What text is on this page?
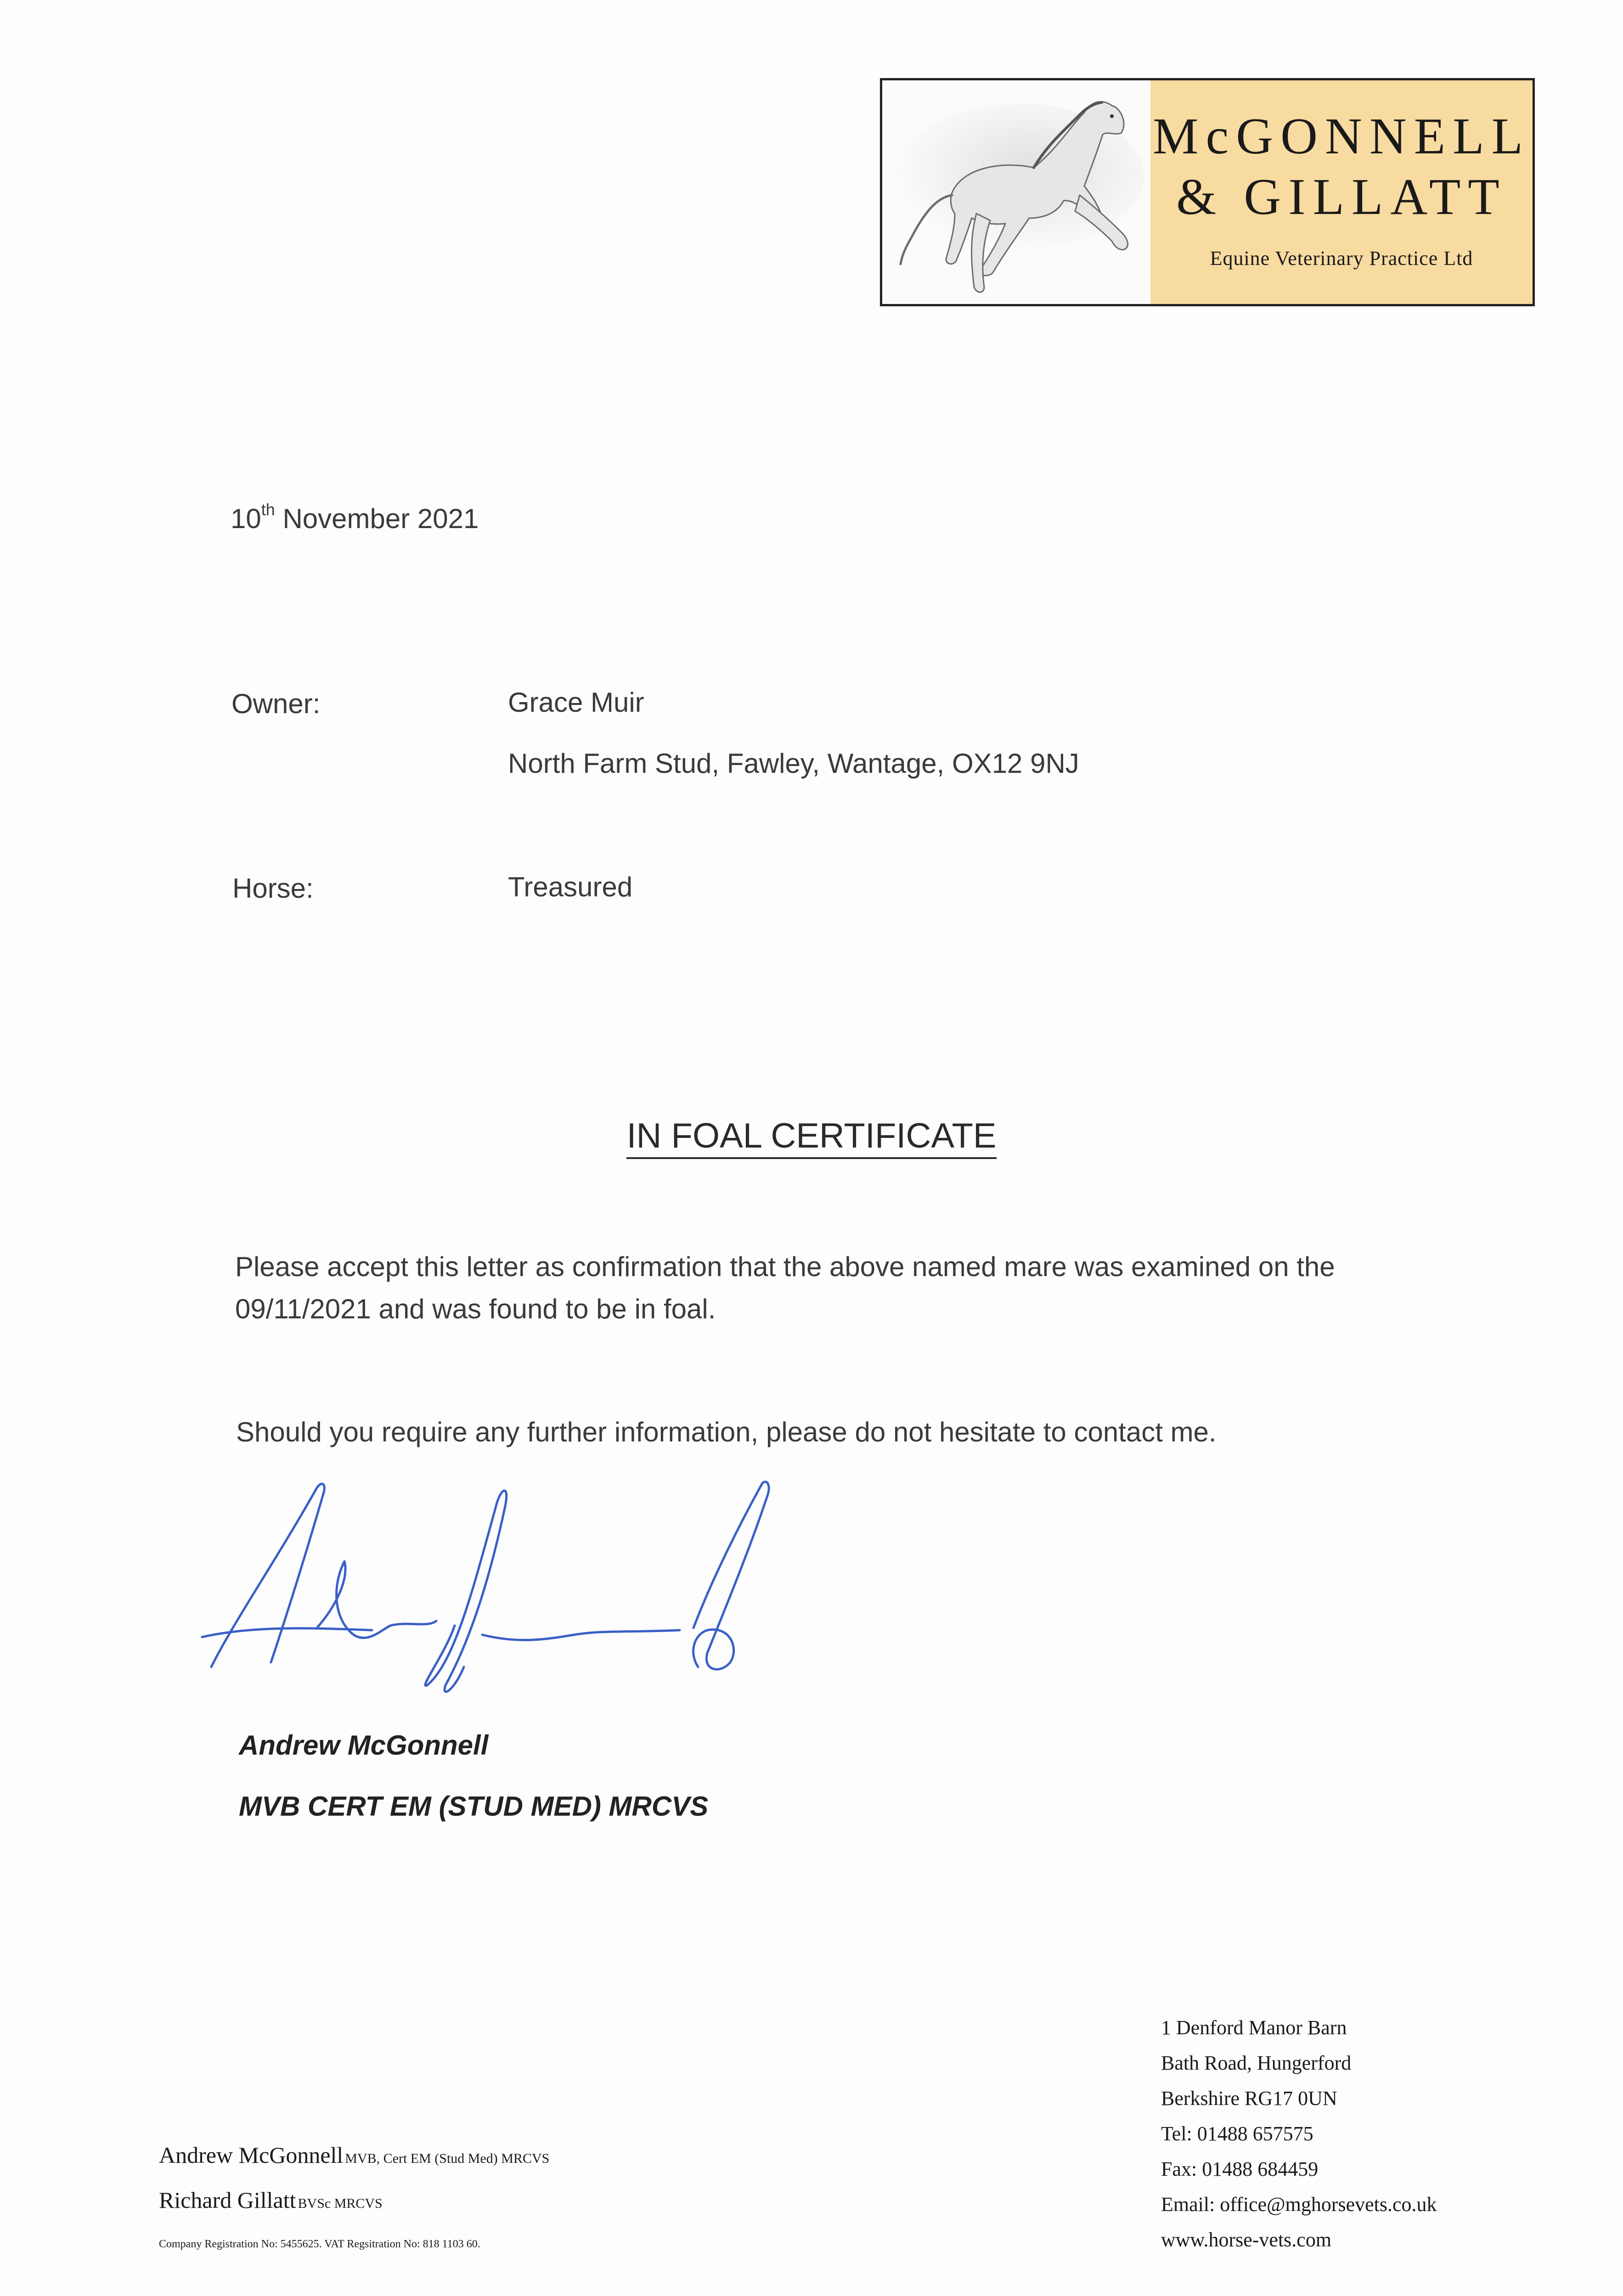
McGONNELL
& GILLATT
Equine Veterinary Practice Ltd
10th November 2021
Owner:	Grace Muir
North Farm Stud, Fawley, Wantage, OX12 9NJ
Horse:	Treasured
IN FOAL CERTIFICATE
Please accept this letter as confirmation that the above named mare was examined on the
09/11/2021 and was found to be in foal.
Should you require any further information, please do not hesitate to contact me.
Andrew McGonnell
MVB CERT EM (STUD MED) MRCVS
Andrew McGonnell MVB, Cert EM (Stud Med) MRCVS
Richard Gillatt BVSc MRCVS
Company Registration No: 5455625. VAT Regsitration No: 818 1103 60.
1 Denford Manor Barn
Bath Road, Hungerford
Berkshire RG17 0UN
Tel: 01488 657575
Fax: 01488 684459
Email: office@mghorsevets.co.uk
www.horse-vets.com
